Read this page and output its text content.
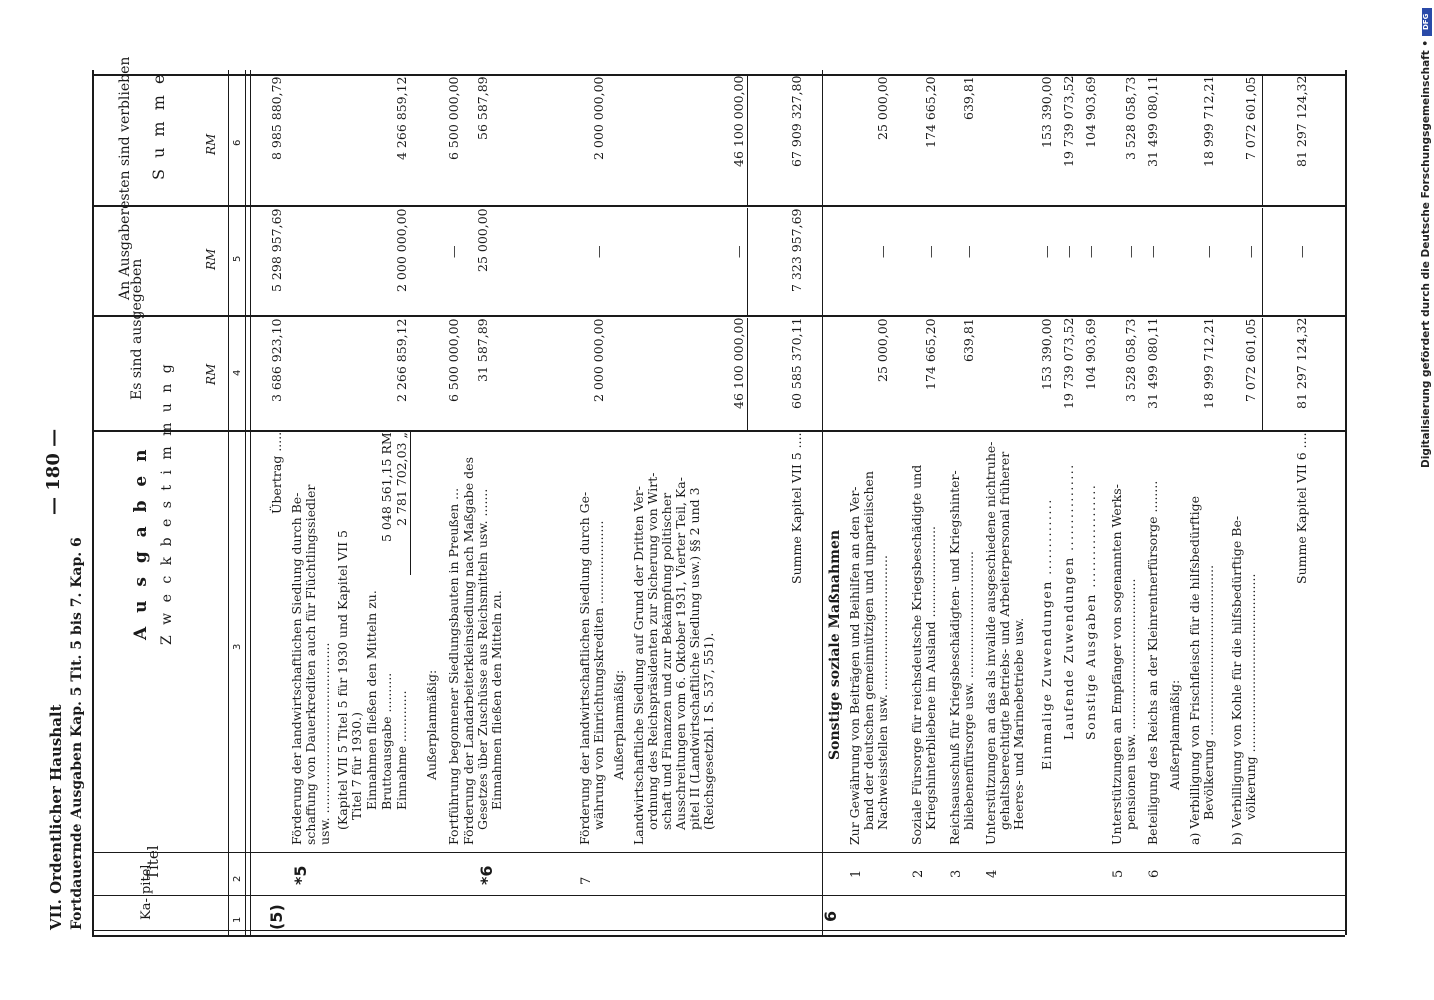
VII. Ordentlicher Haushalt Fortdauernde Ausgaben Kap. 5 Tit. 5 bis 7. Kap. 6
— 180 —
Ka- pitel
Titel
A u s g a b e n Z w e c k b e s t i m m u n g
Es sind ausgegeben
An Ausgaberesten sind verblieben S u m m e
RM
RM
RM
1
2
3
4
5
6
(5)
Übertrag .....
3 686 923,10
5 298 957,69
8 985 880,79
*5
Förderung der landwirtschaftlichen Siedlung durch Be- schaffung von Dauerkrediten auch für Flüchtlingssiedler usw. ........................................... (Kapitel VII 5 Titel 5 für 1930 und Kapitel VII 5 Titel 7 für 1930.) Einnahmen fließen den Mitteln zu. Bruttoausgabe ..........
5 048 561,15 RM
Einnahme .............
2 781 702,03 „
2 266 859,12
2 000 000,00
4 266 859,12
Außerplanmäßig: Fortführung begonnener Siedlungsbauten in Preußen ...
6 500 000,00
—
6 500 000,00
*6
Förderung der Landarbeiterkleinsiedlung nach Maßgabe des Gesetzes über Zuschüsse aus Reichsmitteln usw. ....... Einnahmen fließen den Mitteln zu.
31 587,89
25 000,00
56 587,89
7
Förderung der landwirtschaftlichen Siedlung durch Ge- währung von Einrichtungskrediten ..................... Außerplanmäßig:
2 000 000,00
—
2 000 000,00
Landwirtschaftliche Siedlung auf Grund der Dritten Ver- ordnung des Reichspräsidenten zur Sicherung von Wirt- schaft und Finanzen und zur Bekämpfung politischer Ausschreitungen vom 6. Oktober 1931, Vierter Teil, Ka- pitel II (Landwirtschaftliche Siedlung usw.) §§ 2 und 3 (Reichsgesetzbl. I S. 537, 551).
46 100 000,00
—
46 100 000,00
Summe Kapitel VII 5 ....
60 585 370,11
7 323 957,69
67 909 327,80
6
Sonstige soziale Maßnahmen
1
Zur Gewährung von Beiträgen und Beihilfen an den Ver- band der deutschen gemeinnützigen und unparteiischen Nachweisstellen usw. ..................................
25 000,00
—
25 000,00
2
Soziale Fürsorge für reichsdeutsche Kriegsbeschädigte und Kriegshinterbliebene im Ausland .......................
174 665,20
—
174 665,20
3
Reichsausschuß für Kriegsbeschädigten- und Kriegshinter- bliebenenfürsorge usw. ................................
639,81
—
639,81
4
Unterstützungen an das als invalide ausgeschiedene nichtruhe- gehaltsberechtigte Betriebs- und Arbeiterpersonal früherer Heeres- und Marinebetriebe usw. Einmalige Zuwendungen ..............
153 390,00
—
153 390,00
Laufende Zuwendungen ................
19 739 073,52
—
19 739 073,52
Sonstige Ausgaben ...................
104 903,69
—
104 903,69
5
Unterstützungen an Empfänger von sogenannten Werks- pensionen usw. ......................................
3 528 058,73
—
3 528 058,73
6
Beteiligung des Reichs an der Kleinrentnerfürsorge ........
31 499 080,11
—
31 499 080,11
Außerplanmäßig: a) Verbilligung von Frischfleisch für die hilfsbedürftige Bevölkerung ...........................................
18 999 712,21
—
18 999 712,21
b) Verbilligung von Kohle für die hilfsbedürftige Be- völkerung .............................................
7 072 601,05
—
7 072 601,05
Summe Kapitel VII 6 ....
81 297 124,32
—
81 297 124,32	Digitalisierung gefördert durch die Deutsche Forschungsgemeinschaft •
DFG
